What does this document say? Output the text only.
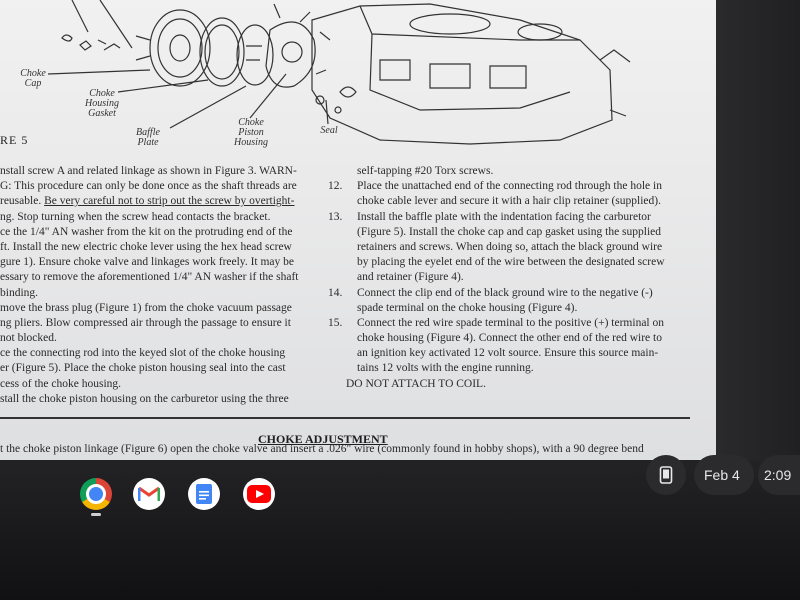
Choke
Cap
Choke
Housing
Gasket
Baffle
Plate
Choke
Piston
Housing
Seal
RE 5
nstall screw A and related linkage as shown in Figure 3. WARN-
G: This procedure can only be done once as the shaft threads are
reusable. Be very careful not to strip out the screw by overtight-
ng. Stop turning when the screw head contacts the bracket.
ce the 1/4" AN washer from the kit on the protruding end of the
ft. Install the new electric choke lever using the hex head screw
gure 1). Ensure choke valve and linkages work freely. It may be
essary to remove the aforementioned 1/4" AN washer if the shaft
binding.
move the brass plug (Figure 1) from the choke vacuum passage
ng pliers. Blow compressed air through the passage to ensure it
not blocked.
ce the connecting rod into the keyed slot of the choke housing
er (Figure 5). Place the choke piston housing seal into the cast
cess of the choke housing.
stall the choke piston housing on the carburetor using the three
self-tapping #20 Torx screws.
12. Place the unattached end of the connecting rod through the hole in
choke cable lever and secure it with a hair clip retainer (supplied).
13. Install the baffle plate with the indentation facing the carburetor
(Figure 5). Install the choke cap and cap gasket using the supplied
retainers and screws. When doing so, attach the black ground wire
by placing the eyelet end of the wire between the designated screw
and retainer (Figure 4).
14. Connect the clip end of the black ground wire to the negative (-)
spade terminal on the choke housing (Figure 4).
15. Connect the red wire spade terminal to the positive (+) terminal on
choke housing (Figure 4). Connect the other end of the red wire to
an ignition key activated 12 volt source. Ensure this source main-
tains 12 volts with the engine running.
DO NOT ATTACH TO COIL.
CHOKE ADJUSTMENT
t the choke piston linkage (Figure 6) open the choke valve and insert a .026" wire (commonly found in hobby shops), with a 90 degree bend
Feb 4 2:09
